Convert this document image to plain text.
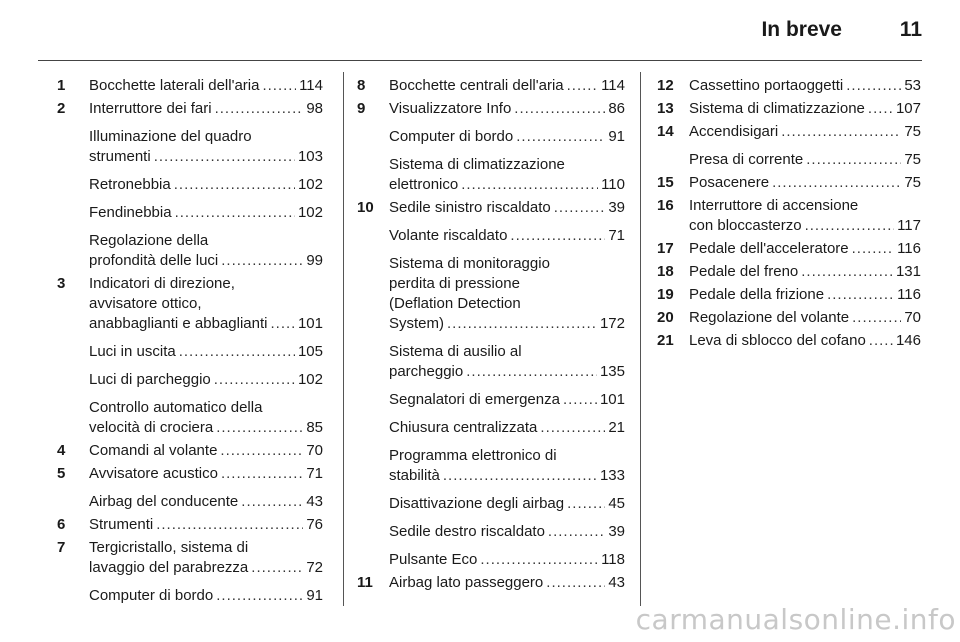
In breve	11
1 Bocchette laterali dell'aria .....	114
2 Interruttore dei fari .....	98
Illuminazione del quadro
strumenti .....	103
Retronebbia .....	102
Fendinebbia .....	102
Regolazione della
profondità delle luci .....	99
3 Indicatori di direzione,
avvisatore ottico,
anabbaglianti e abbaglianti ..... 101
Luci in uscita .....	105
Luci di parcheggio .....	102
Controllo automatico della
velocità di crociera .....	85
4 Comandi al volante .....	70
5 Avvisatore acustico .....	71
Airbag del conducente .....	43
6 Strumenti .....	76
7 Tergicristallo, sistema di
lavaggio del parabrezza .....	72
Computer di bordo .....	91
8 Bocchette centrali dell'aria ..... 114
9 Visualizzatore Info .....	86
Computer di bordo .....	91
Sistema di climatizzazione
elettronico .....	110
10 Sedile sinistro riscaldato .....	39
Volante riscaldato .....	71
Sistema di monitoraggio
perdita di pressione
(Deflation Detection
System) .....	172
Sistema di ausilio al
parcheggio .....	135
Segnalatori di emergenza .....	101
Chiusura centralizzata .....	21
Programma elettronico di
stabilità .....	133
Disattivazione degli airbag .....	45
Sedile destro riscaldato .....	39
Pulsante Eco .....	118
11 Airbag lato passeggero .....	43
12 Cassettino portaoggetti .....	53
13 Sistema di climatizzazione ..... 107
14 Accendisigari .....	75
Presa di corrente .....	75
15 Posacenere .....	75
16 Interruttore di accensione
con bloccasterzo .....	117
17 Pedale dell'acceleratore .....	116
18 Pedale del freno .....	131
19 Pedale della frizione .....	116
20 Regolazione del volante .....	70
21 Leva di sblocco del cofano ..... 146
carmanualsonline.info
